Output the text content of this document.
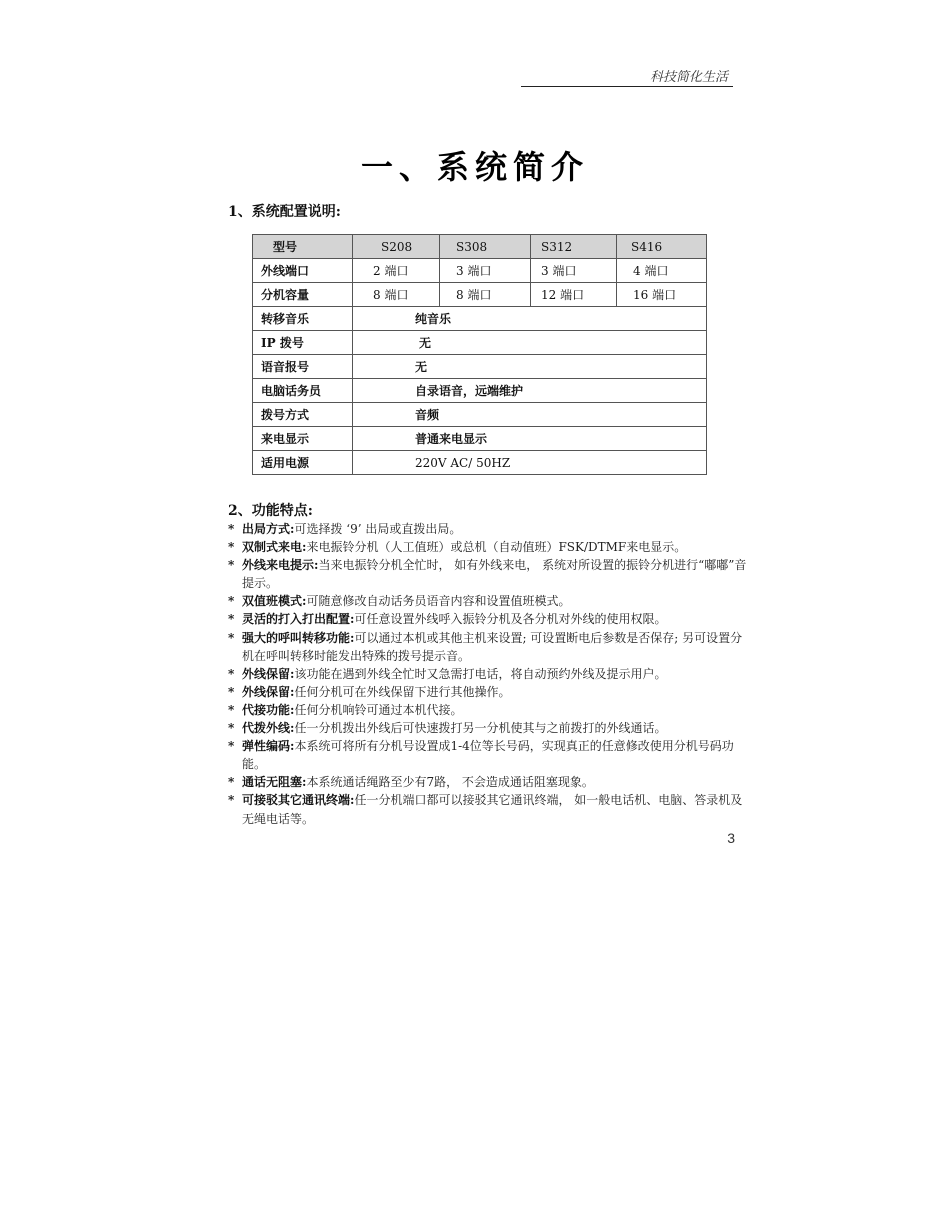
科技简化生活
一、系统简介
1、系统配置说明:
型号	S208	S308	S312	S416
外线端口	2 端口	3 端口	3 端口	4 端口
分机容量	8 端口	8 端口	12 端口	16 端口
转移音乐	纯音乐			
IP 拨号	无			
语音报号	无			
电脑话务员	自录语音，远端维护			
拨号方式	音频			
来电显示	普通来电显示			
适用电源	220V AC/ 50HZ			
2、功能特点:
* 出局方式:可选择拨 ‘9’ 出局或直拨出局。
* 双制式来电:来电振铃分机（人工值班）或总机（自动值班）FSK/DTMF来电显示。
* 外线来电提示:当来电振铃分机全忙时， 如有外线来电， 系统对所设置的振铃分机进行“嘟嘟”音提示。
* 双值班模式:可随意修改自动话务员语音内容和设置值班模式。
* 灵活的打入打出配置:可任意设置外线呼入振铃分机及各分机对外线的使用权限。
* 强大的呼叫转移功能:可以通过本机或其他主机来设置; 可设置断电后参数是否保存; 另可设置分机在呼叫转移时能发出特殊的拨号提示音。
* 外线保留:该功能在遇到外线全忙时又急需打电话，将自动预约外线及提示用户。
* 外线保留:任何分机可在外线保留下进行其他操作。
* 代接功能:任何分机响铃可通过本机代接。
* 代拨外线:任一分机拨出外线后可快速拨打另一分机使其与之前拨打的外线通话。
* 弹性编码:本系统可将所有分机号设置成1-4位等长号码，实现真正的任意修改使用分机号码功能。
* 通话无阻塞:本系统通话绳路至少有7路， 不会造成通话阻塞现象。
* 可接驳其它通讯终端:任一分机端口都可以接驳其它通讯终端， 如一般电话机、电脑、答录机及无绳电话等。
3
